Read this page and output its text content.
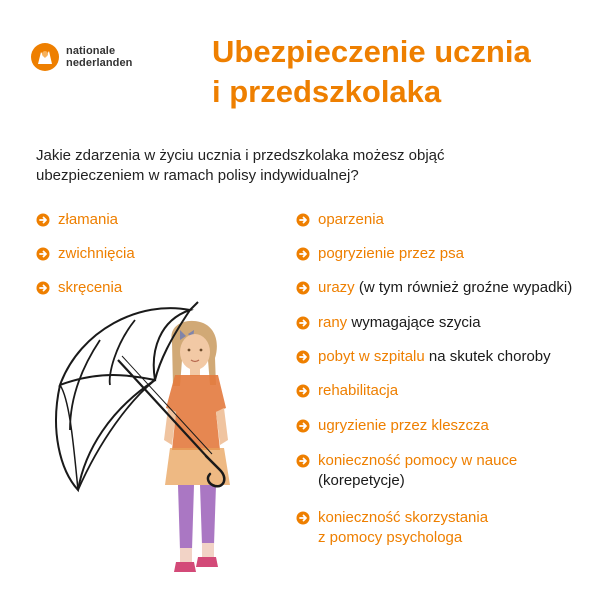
nationale
nederlanden	Ubezpieczenie ucznia
i przedszkolaka
Jakie zdarzenia w życiu ucznia i przedszkolaka możesz objąć ubezpieczeniem w ramach polisy indywidualnej?
złamania
zwichnięcia
skręcenia
oparzenia
pogryzienie przez psa
urazy (w tym również groźne wypadki)
rany wymagające szycia
pobyt w szpitalu na skutek choroby
rehabilitacja
ugryzienie przez kleszcza
konieczność pomocy w nauce
(korepetycje)
konieczność skorzystania
z pomocy psychologa
